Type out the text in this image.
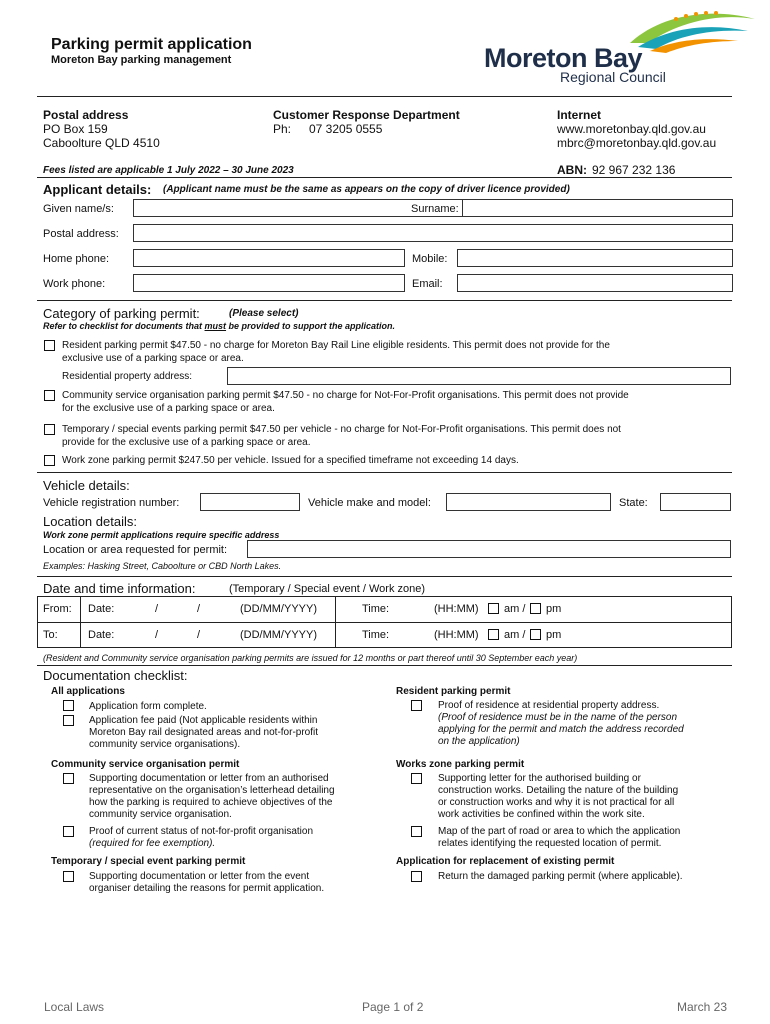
Parking permit application
Moreton Bay parking management	Moreton Bay
Regional Council
Postal address
PO Box 159
Caboolture QLD 4510
Customer Response Department
Ph: 07 3205 0555
Internet
www.moretonbay.qld.gov.au
mbrc@moretonbay.qld.gov.au
Fees listed are applicable 1 July 2022 – 30 June 2023	ABN: 92 967 232 136
Applicant details: (Applicant name must be the same as appears on the copy of driver licence provided)
Given name/s:	Surname:
Postal address:
Home phone:	Mobile:
Work phone:	Email:
Category of parking permit:	(Please select)
Refer to checklist for documents that must be provided to support the application.
Resident parking permit $47.50 - no charge for Moreton Bay Rail Line eligible residents. This permit does not provide for the
exclusive use of a parking space or area.
Residential property address:
Community service organisation parking permit $47.50 - no charge for Not-For-Profit organisations. This permit does not provide
for the exclusive use of a parking space or area.
Temporary / special events parking permit $47.50 per vehicle - no charge for Not-For-Profit organisations. This permit does not
provide for the exclusive use of a parking space or area.
Work zone parking permit $247.50 per vehicle. Issued for a specified timeframe not exceeding 14 days.
Vehicle details:
Vehicle registration number:	Vehicle make and model:	State:
Location details:
Work zone permit applications require specific address
Location or area requested for permit:
Examples: Hasking Street, Caboolture or CBD North Lakes.
Date and time information:	(Temporary / Special event / Work zone)
From: Date:	/	/	(DD/MM/YYYY)	Time:	(HH:MM) am / pm
To:	Date:	/	/	(DD/MM/YYYY)	Time:	(HH:MM) am / pm
(Resident and Community service organisation parking permits are issued for 12 months or part thereof until 30 September each year)
Documentation checklist:
All applications
Application form complete.
Application fee paid (Not applicable residents within
Moreton Bay rail designated areas and not-for-profit
community service organisations).
Community service organisation permit
Supporting documentation or letter from an authorised
representative on the organisation’s letterhead detailing
how the parking is required to achieve objectives of the
community service organisation.
Proof of current status of not-for-profit organisation
(required for fee exemption).
Temporary / special event parking permit
Supporting documentation or letter from the event
organiser detailing the reasons for permit application.
Resident parking permit
Proof of residence at residential property address.
(Proof of residence must be in the name of the person
applying for the permit and match the address recorded
on the application)
Works zone parking permit
Supporting letter for the authorised building or
construction works. Detailing the nature of the building
or construction works and why it is not practical for all
work activities be confined within the work site.
Map of the part of road or area to which the application
relates identifying the requested location of permit.
Application for replacement of existing permit
Return the damaged parking permit (where applicable).
Local Laws	Page 1 of 2	March 23
